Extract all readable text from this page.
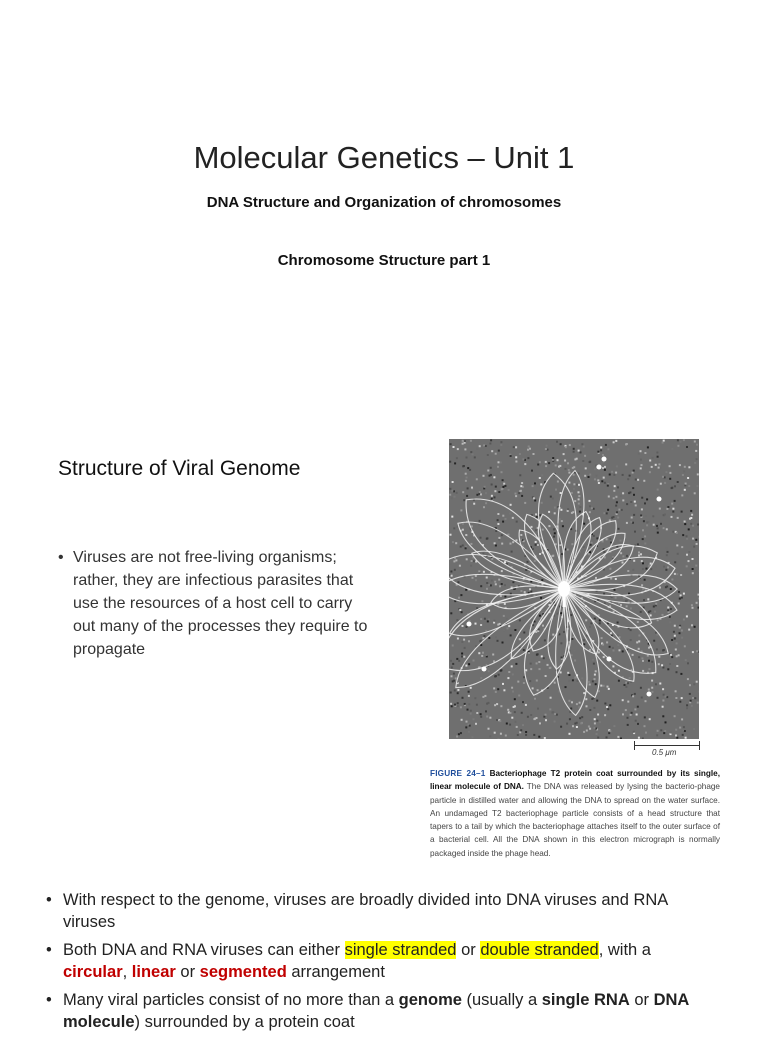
Molecular Genetics – Unit 1
DNA Structure and Organization of chromosomes
Chromosome Structure part 1
Structure of Viral Genome
• Viruses are not free-living organisms; rather, they are infectious parasites that use the resources of a host cell to carry out many of the processes they require to propagate
0.5 μm
FIGURE 24–1 Bacteriophage T2 protein coat surrounded by its single, linear molecule of DNA. The DNA was released by lysing the bacterio-phage particle in distilled water and allowing the DNA to spread on the water surface. An undamaged T2 bacteriophage particle consists of a head structure that tapers to a tail by which the bacteriophage attaches itself to the outer surface of a bacterial cell. All the DNA shown in this electron micrograph is normally packaged inside the phage head.
• With respect to the genome, viruses are broadly divided into DNA viruses and RNA viruses
• Both DNA and RNA viruses can either single stranded or double stranded, with a circular, linear or segmented arrangement
• Many viral particles consist of no more than a genome (usually a single RNA or DNA molecule) surrounded by a protein coat
